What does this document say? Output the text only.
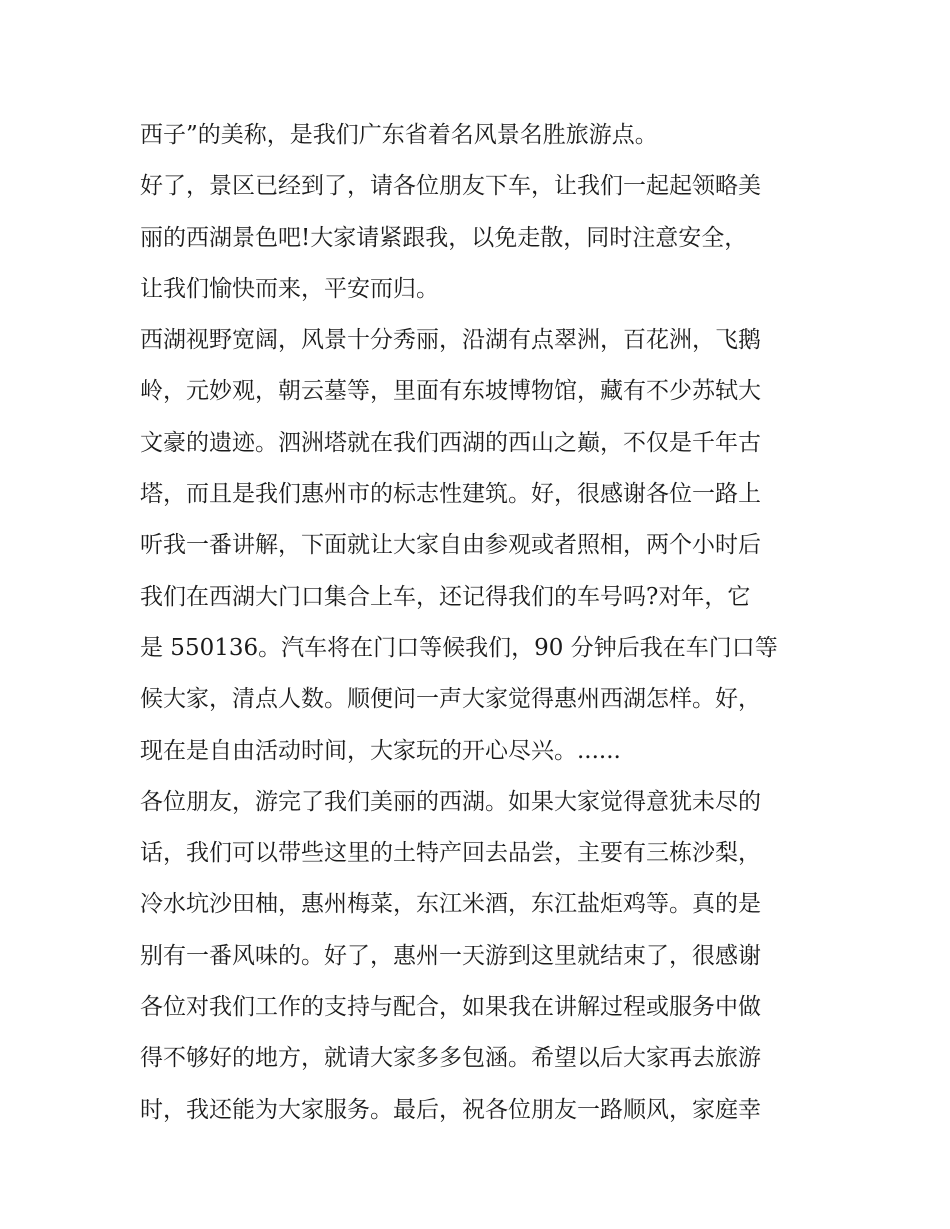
西子”的美称，是我们广东省着名风景名胜旅游点。
好了，景区已经到了，请各位朋友下车，让我们一起起领略美
丽的西湖景色吧!大家请紧跟我，以免走散，同时注意安全，
让我们愉快而来，平安而归。
西湖视野宽阔，风景十分秀丽，沿湖有点翠洲，百花洲，飞鹅
岭，元妙观，朝云墓等，里面有东坡博物馆，藏有不少苏轼大
文豪的遗迹。泗洲塔就在我们西湖的西山之巅，不仅是千年古
塔，而且是我们惠州市的标志性建筑。好，很感谢各位一路上
听我一番讲解，下面就让大家自由参观或者照相，两个小时后
我们在西湖大门口集合上车，还记得我们的车号吗?对年，它
是 550136。汽车将在门口等候我们，90 分钟后我在车门口等
候大家，清点人数。顺便问一声大家觉得惠州西湖怎样。好，
现在是自由活动时间，大家玩的开心尽兴。......
各位朋友，游完了我们美丽的西湖。如果大家觉得意犹未尽的
话，我们可以带些这里的土特产回去品尝，主要有三栋沙梨，
冷水坑沙田柚，惠州梅菜，东江米酒，东江盐炬鸡等。真的是
别有一番风味的。好了，惠州一天游到这里就结束了，很感谢
各位对我们工作的支持与配合，如果我在讲解过程或服务中做
得不够好的地方，就请大家多多包涵。希望以后大家再去旅游
时，我还能为大家服务。最后，祝各位朋友一路顺风，家庭幸
